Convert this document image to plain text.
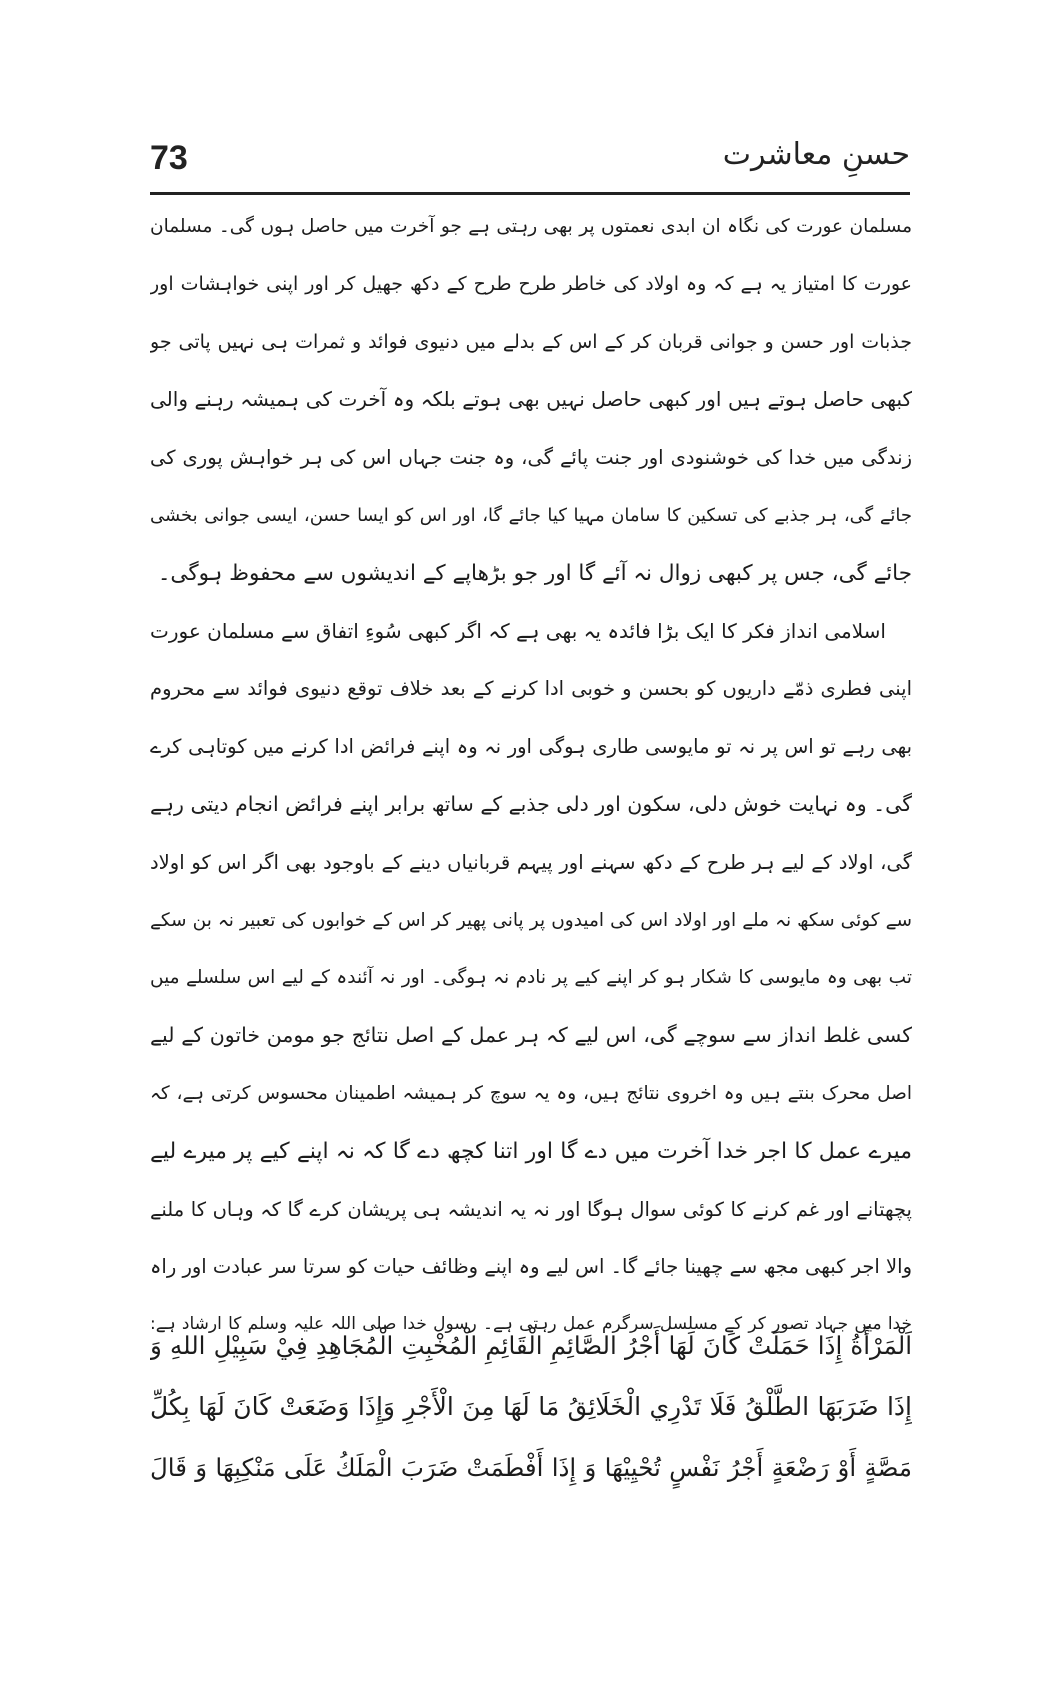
73	حسنِ معاشرت
مسلمان عورت کی نگاہ ان ابدی نعمتوں پر بھی رہتی ہے جو آخرت میں حاصل ہوں گی۔ مسلمان
عورت کا امتیاز یہ ہے کہ وہ اولاد کی خاطر طرح طرح کے دکھ جھیل کر اور اپنی خواہشات اور
جذبات اور حسن و جوانی قربان کر کے اس کے بدلے میں دنیوی فوائد و ثمرات ہی نہیں پاتی جو
کبھی حاصل ہوتے ہیں اور کبھی حاصل نہیں بھی ہوتے بلکہ وہ آخرت کی ہمیشہ رہنے والی
زندگی میں خدا کی خوشنودی اور جنت پائے گی، وہ جنت جہاں اس کی ہر خواہش پوری کی
جائے گی، ہر جذبے کی تسکین کا سامان مہیا کیا جائے گا، اور اس کو ایسا حسن، ایسی جوانی بخشی
جائے گی، جس پر کبھی زوال نہ آئے گا اور جو بڑھاپے کے اندیشوں سے محفوظ ہوگی۔
اسلامی انداز فکر کا ایک بڑا فائدہ یہ بھی ہے کہ اگر کبھی سُوءِ اتفاق سے مسلمان عورت
اپنی فطری ذمّے داریوں کو بحسن و خوبی ادا کرنے کے بعد خلاف توقع دنیوی فوائد سے محروم
بھی رہے تو اس پر نہ تو مایوسی طاری ہوگی اور نہ وہ اپنے فرائض ادا کرنے میں کوتاہی کرے
گی۔ وہ نہایت خوش دلی، سکون اور دلی جذبے کے ساتھ برابر اپنے فرائض انجام دیتی رہے
گی، اولاد کے لیے ہر طرح کے دکھ سہنے اور پیہم قربانیاں دینے کے باوجود بھی اگر اس کو اولاد
سے کوئی سکھ نہ ملے اور اولاد اس کی امیدوں پر پانی پھیر کر اس کے خوابوں کی تعبیر نہ بن سکے
تب بھی وہ مایوسی کا شکار ہو کر اپنے کیے پر نادم نہ ہوگی۔ اور نہ آئندہ کے لیے اس سلسلے میں
کسی غلط انداز سے سوچے گی، اس لیے کہ ہر عمل کے اصل نتائج جو مومن خاتون کے لیے
اصل محرک بنتے ہیں وہ اخروی نتائج ہیں، وہ یہ سوچ کر ہمیشہ اطمینان محسوس کرتی ہے، کہ
میرے عمل کا اجر خدا آخرت میں دے گا اور اتنا کچھ دے گا کہ نہ اپنے کیے پر میرے لیے
پچھتانے اور غم کرنے کا کوئی سوال ہوگا اور نہ یہ اندیشہ ہی پریشان کرے گا کہ وہاں کا ملنے
والا اجر کبھی مجھ سے چھینا جائے گا۔ اس لیے وہ اپنے وظائف حیات کو سرتا سر عبادت اور راہ
خدا میں جہاد تصور کر کے مسلسل سرگرم عمل رہتی ہے۔ رسول خدا صلی اللہ علیہ وسلم کا ارشاد ہے:
اَلْمَرْأَةُ إِذَا حَمَلَتْ كَانَ لَهَا أَجْرُ الصَّائِمِ الْقَائِمِ الْمُخْبِتِ الْمُجَاهِدِ فِيْ سَبِيْلِ اللهِ وَ
إِذَا ضَرَبَهَا الطَّلْقُ فَلَا تَدْرِي الْخَلَائِقُ مَا لَهَا مِنَ الْأَجْرِ وَإِذَا وَضَعَتْ كَانَ لَهَا بِكُلِّ
مَصَّةٍ أَوْ رَضْعَةٍ أَجْرُ نَفْسٍ تُحْيِيْهَا وَ إِذَا أَفْطَمَتْ ضَرَبَ الْمَلَكُ عَلَى مَنْكِبِهَا وَ قَالَ
